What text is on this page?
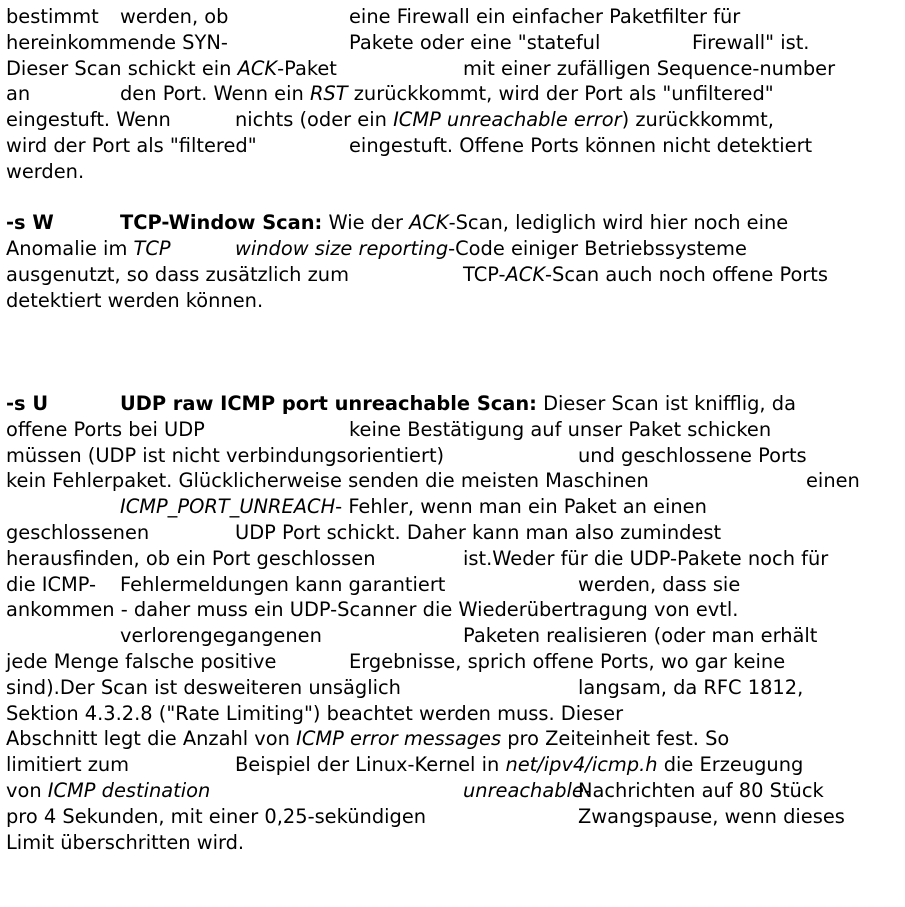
bestimmt

werden, ob

	eine Firewall ein einfacher Paketfilter für

hereinkommende SYN-

	Pakete oder eine "stateful

	Firewall" ist.

Dieser Scan schickt ein ACK-Paket

	mit einer zufälligen Sequence-number

an

	den Port. Wenn ein RST zurückkommt, wird der Port als "unfiltered"

eingestuft. Wenn

	nichts (oder ein ICMP unreachable error) zurückkommt,

wird der Port als "filtered"

	eingestuft. Offene Ports können nicht detektiert

werden.

-s W

	TCP-Window Scan: Wie der ACK-Scan, lediglich wird hier noch eine

Anomalie im TCP

	window size reporting-Code einiger Betriebssysteme

ausgenutzt, so dass zusätzlich zum

	TCP-ACK-Scan auch noch offene Ports

detektiert werden können.

-s U

	UDP raw ICMP port unreachable Scan: Dieser Scan ist knifflig, da

offene Ports bei UDP

	keine Bestätigung auf unser Paket schicken

müssen (UDP ist nicht verbindungsorientiert)

	und geschlossene Ports

kein Fehlerpaket. Glücklicherweise senden die meisten Maschinen

	einen

ICMP_PORT_UNREACH- Fehler, wenn man ein Paket an einen

geschlossenen

	UDP Port schickt. Daher kann man also zumindest

herausfinden, ob ein Port geschlossen

	ist.Weder für die UDP-Pakete noch für

die ICMP-

Fehlermeldungen kann garantiert

	werden, dass sie

ankommen - daher muss ein UDP-Scanner die Wiederübertragung von evtl.

verlorengegangenen

	Paketen realisieren (oder man erhält

jede Menge falsche positive

	Ergebnisse, sprich offene Ports, wo gar keine

sind).Der Scan ist desweiteren unsäglich

	langsam, da RFC 1812,

Sektion 4.3.2.8 ("Rate Limiting") beachtet werden muss. Dieser

Abschnitt legt die Anzahl von ICMP error messages pro Zeiteinheit fest. So

limitiert zum

	Beispiel der Linux-Kernel in net/ipv4/icmp.h die Erzeugung

von ICMP destination

	unreachable-

Nachrichten auf 80 Stück

pro 4 Sekunden, mit einer 0,25-sekündigen

	Zwangspause, wenn dieses

Limit überschritten wird.
